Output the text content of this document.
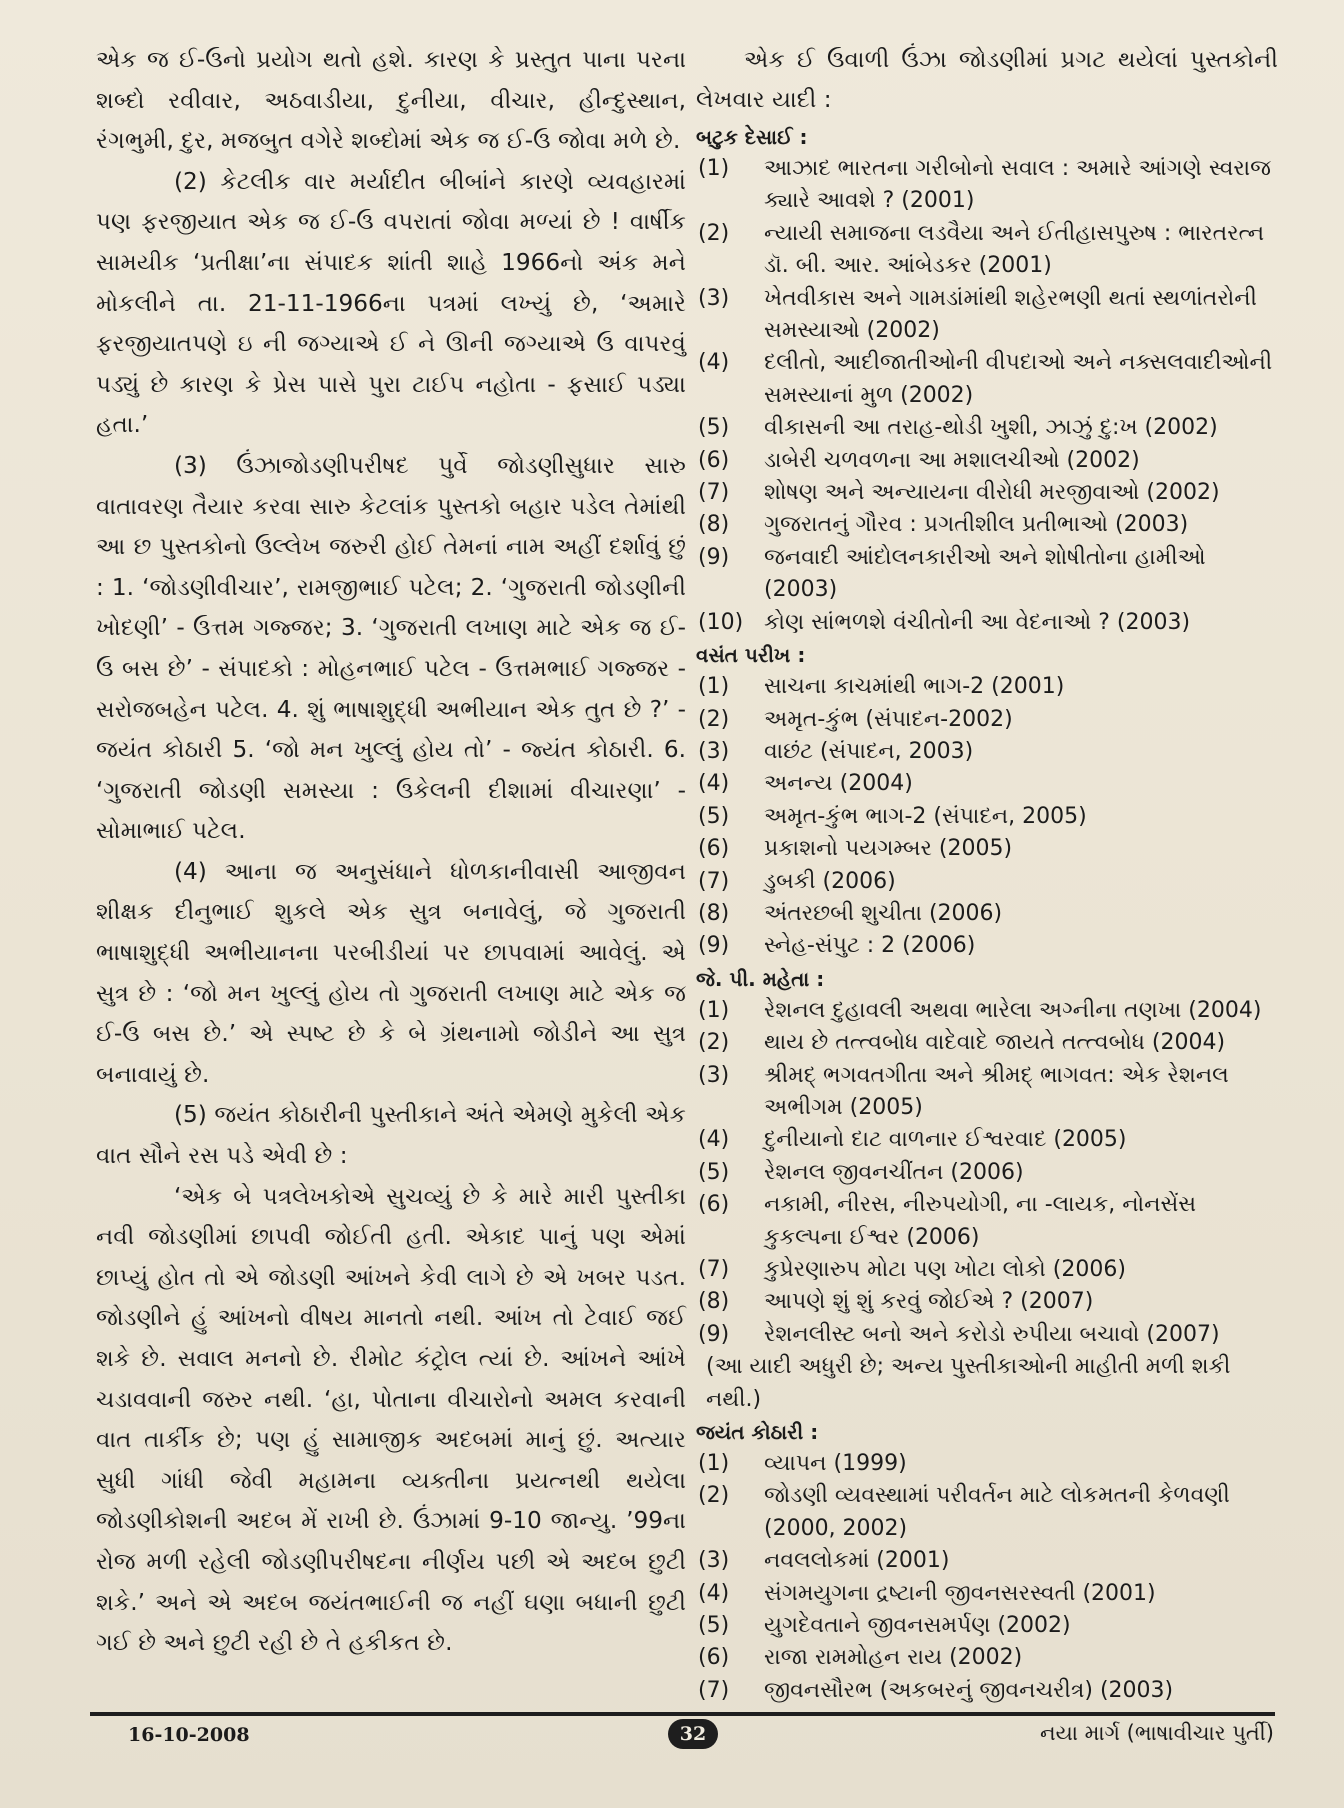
એક જ ઈ-ઉનો પ્રયોગ થતો હશે. કારણ કે પ્રસ્તુત પાના પરના શબ્દો રવીવાર, અઠવાડીયા, દુનીયા, વીચાર, હીન્દુસ્થાન, રંગભુમી, દુર, મજબુત વગેરે શબ્દોમાં એક જ ઈ-ઉ જોવા મળે છે.

(2) કેટલીક વાર મર્યાદીત બીબાંને કારણે વ્યવહારમાં પણ ફરજીયાત એક જ ઈ-ઉ વપરાતાં જોવા મળ્યાં છે ! વાર્ષીક સામયીક ‘પ્રતીક્ષા’ના સંપાદક શાંતી શાહે 1966નો અંક મને મોકલીને તા. 21-11-1966ના પત્રમાં લખ્યું છે, ‘અમારે ફરજીયાતપણે ઇ ની જગ્યાએ ઈ ને ઊની જગ્યાએ ઉ વાપરવું પડ્યું છે કારણ કે પ્રેસ પાસે પુરા ટાઈપ નહોતા - ફસાઈ પડ્યા હતા.’

(3) ઉંઝાજોડણીપરીષદ પુર્વે જોડણીસુધાર સારુ વાતાવરણ તૈયાર કરવા સારુ કેટલાંક પુસ્તકો બહાર પડેલ તેમાંથી આ છ પુસ્તકોનો ઉલ્લેખ જરુરી હોઈ તેમનાં નામ અહીં દર્શાવું છું : 1. ‘જોડણીવીચાર’, રામજીભાઈ પટેલ; 2. ‘ગુજરાતી જોડણીની ખોદણી’ - ઉત્તમ ગજ્જર; 3. ‘ગુજરાતી લખાણ માટે એક જ ઈ-ઉ બસ છે’ - સંપાદકો : મોહનભાઈ પટેલ - ઉત્તમભાઈ ગજ્જર - સરોજબહેન પટેલ. 4. શું ભાષાશુદ્ધી અભીયાન એક તુત છે ?’ - જયંત કોઠારી 5. ‘જો મન ખુલ્લું હોય તો’ - જ્યંત કોઠારી. 6. ‘ગુજરાતી જોડણી સમસ્યા : ઉકેલની દીશામાં વીચારણા’ - સોમાભાઈ પટેલ.

(4) આના જ અનુસંધાને ધોળકાનીવાસી આજીવન શીક્ષક દીનુભાઈ શુકલે એક સુત્ર બનાવેલું, જે ગુજરાતી ભાષાશુદ્ધી અભીયાનના પરબીડીયાં પર છાપવામાં આવેલું. એ સુત્ર છે : ‘જો મન ખુલ્લું હોય તો ગુજરાતી લખાણ માટે એક જ ઈ-ઉ બસ છે.’ એ સ્પષ્ટ છે કે બે ગ્રંથનામો જોડીને આ સુત્ર બનાવાયું છે.

(5) જયંત કોઠારીની પુસ્તીકાને અંતે એમણે મુકેલી એક વાત સૌને રસ પડે એવી છે :

‘એક બે પત્રલેખકોએ સુચવ્યું છે કે મારે મારી પુસ્તીકા નવી જોડણીમાં છાપવી જોઈતી હતી. એકાદ પાનું પણ એમાં છાપ્યું હોત તો એ જોડણી આંખને કેવી લાગે છે એ ખબર પડત. જોડણીને હું આંખનો વીષય માનતો નથી. આંખ તો ટેવાઈ જઈ શકે છે. સવાલ મનનો છે. રીમોટ કંટ્રોલ ત્યાં છે. આંખને આંખે ચડાવવાની જરુર નથી. ‘હા, પોતાના વીચારોનો અમલ કરવાની વાત તાર્કીક છે; પણ હું સામાજીક અદબમાં માનું છું. અત્યાર સુધી ગાંધી જેવી મહામના વ્યક્તીના પ્રયત્નથી થયેલા જોડણીકોશની અદબ મેં રાખી છે. ઉંઝામાં 9-10 જાન્યુ. ’99ના રોજ મળી રહેલી જોડણીપરીષદના નીર્ણય પછી એ અદબ છુટી શકે.’ અને એ અદબ જયંતભાઈની જ નહીં ઘણા બધાની છુટી ગઈ છે અને છુટી રહી છે તે હકીકત છે.

એક ઈ ઉવાળી ઉંઝા જોડણીમાં પ્રગટ થયેલાં પુસ્તકોની લેખવાર યાદી :

બટુક દેસાઈ :
(1)	આઝાદ ભારતના ગરીબોનો સવાલ : અમારે આંગણે સ્વરાજ ક્યારે આવશે ? (2001)
(2)	ન્યાયી સમાજના લડવૈયા અને ઈતીહાસપુરુષ : ભારતરત્ન ડૉ. બી. આર. આંબેડકર (2001)
(3)	ખેતવીકાસ અને ગામડાંમાંથી શહેરભણી થતાં સ્થળાંતરોની સમસ્યાઓ (2002)
(4)	દલીતો, આદીજાતીઓની વીપદાઓ અને નક્સલવાદીઓની સમસ્યાનાં મુળ (2002)
(5)	વીકાસની આ તરાહ-થોડી ખુશી, ઝાઝું દુ:ખ (2002)
(6)	ડાબેરી ચળવળના આ મશાલચીઓ (2002)
(7)	શોષણ અને અન્યાયના વીરોધી મરજીવાઓ (2002)
(8)	ગુજરાતનું ગૌરવ : પ્રગતીશીલ પ્રતીભાઓ (2003)
(9)	જનવાદી આંદોલનકારીઓ અને શોષીતોના હામીઓ (2003)
(10) કોણ સાંભળશે વંચીતોની આ વેદનાઓ ? (2003)
વસંત પરીખ :
(1)	સાચના કાચમાંથી ભાગ-2 (2001)
(2)	અમૃત-કુંભ (સંપાદન-2002)
(3)	વાછંટ (સંપાદન, 2003)
(4)	અનન્ય (2004)
(5)	અમૃત-કુંભ ભાગ-2 (સંપાદન, 2005)
(6)	પ્રકાશનો પયગમ્બર (2005)
(7)	ડુબકી (2006)
(8)	અંતરછબી શુચીતા (2006)
(9)	સ્નેહ-સંપુટ : 2 (2006)
જે. પી. મહેતા :
(1)	રેશનલ દુહાવલી અથવા ભારેલા અગ્નીના તણખા (2004)
(2)	થાય છે તત્ત્વબોધ વાદેવાદે જાયતે તત્ત્વબોધ (2004)
(3)	શ્રીમદ્ ભગવતગીતા અને શ્રીમદ્ ભાગવત: એક રેશનલ અભીગમ (2005)
(4)	દુનીયાનો દાટ વાળનાર ઈશ્વરવાદ (2005)
(5)	રેશનલ જીવનચીંતન (2006)
(6)	નકામી, નીરસ, નીરુપયોગી, ના -લાયક, નોનસેંસ કુકલ્પના ઈશ્વર (2006)
(7)	કુપ્રેરણારુપ મોટા પણ ખોટા લોકો (2006)
(8)	આપણે શું શું કરવું જોઈએ ? (2007)
(9)	રેશનલીસ્ટ બનો અને કરોડો રુપીયા બચાવો (2007)
(આ યાદી અધુરી છે; અન્ય પુસ્તીકાઓની માહીતી મળી શકી નથી.)
જયંત કોઠારી :
(1)	વ્યાપન (1999)
(2)	જોડણી વ્યવસ્થામાં પરીવર્તન માટે લોકમતની કેળવણી (2000, 2002)
(3)	નવલલોકમાં (2001)
(4)	સંગમયુગના દ્રષ્ટાની જીવનસરસ્વતી (2001)
(5)	યુગદેવતાને જીવનસમર્પણ (2002)
(6)	રાજા રામમોહન રાય (2002)
(7)	જીવનસૌરભ (અકબરનું જીવનચરીત્ર) (2003)
16-10-2008	32	નયા માર્ગ (ભાષાવીચાર પુર્તી)
